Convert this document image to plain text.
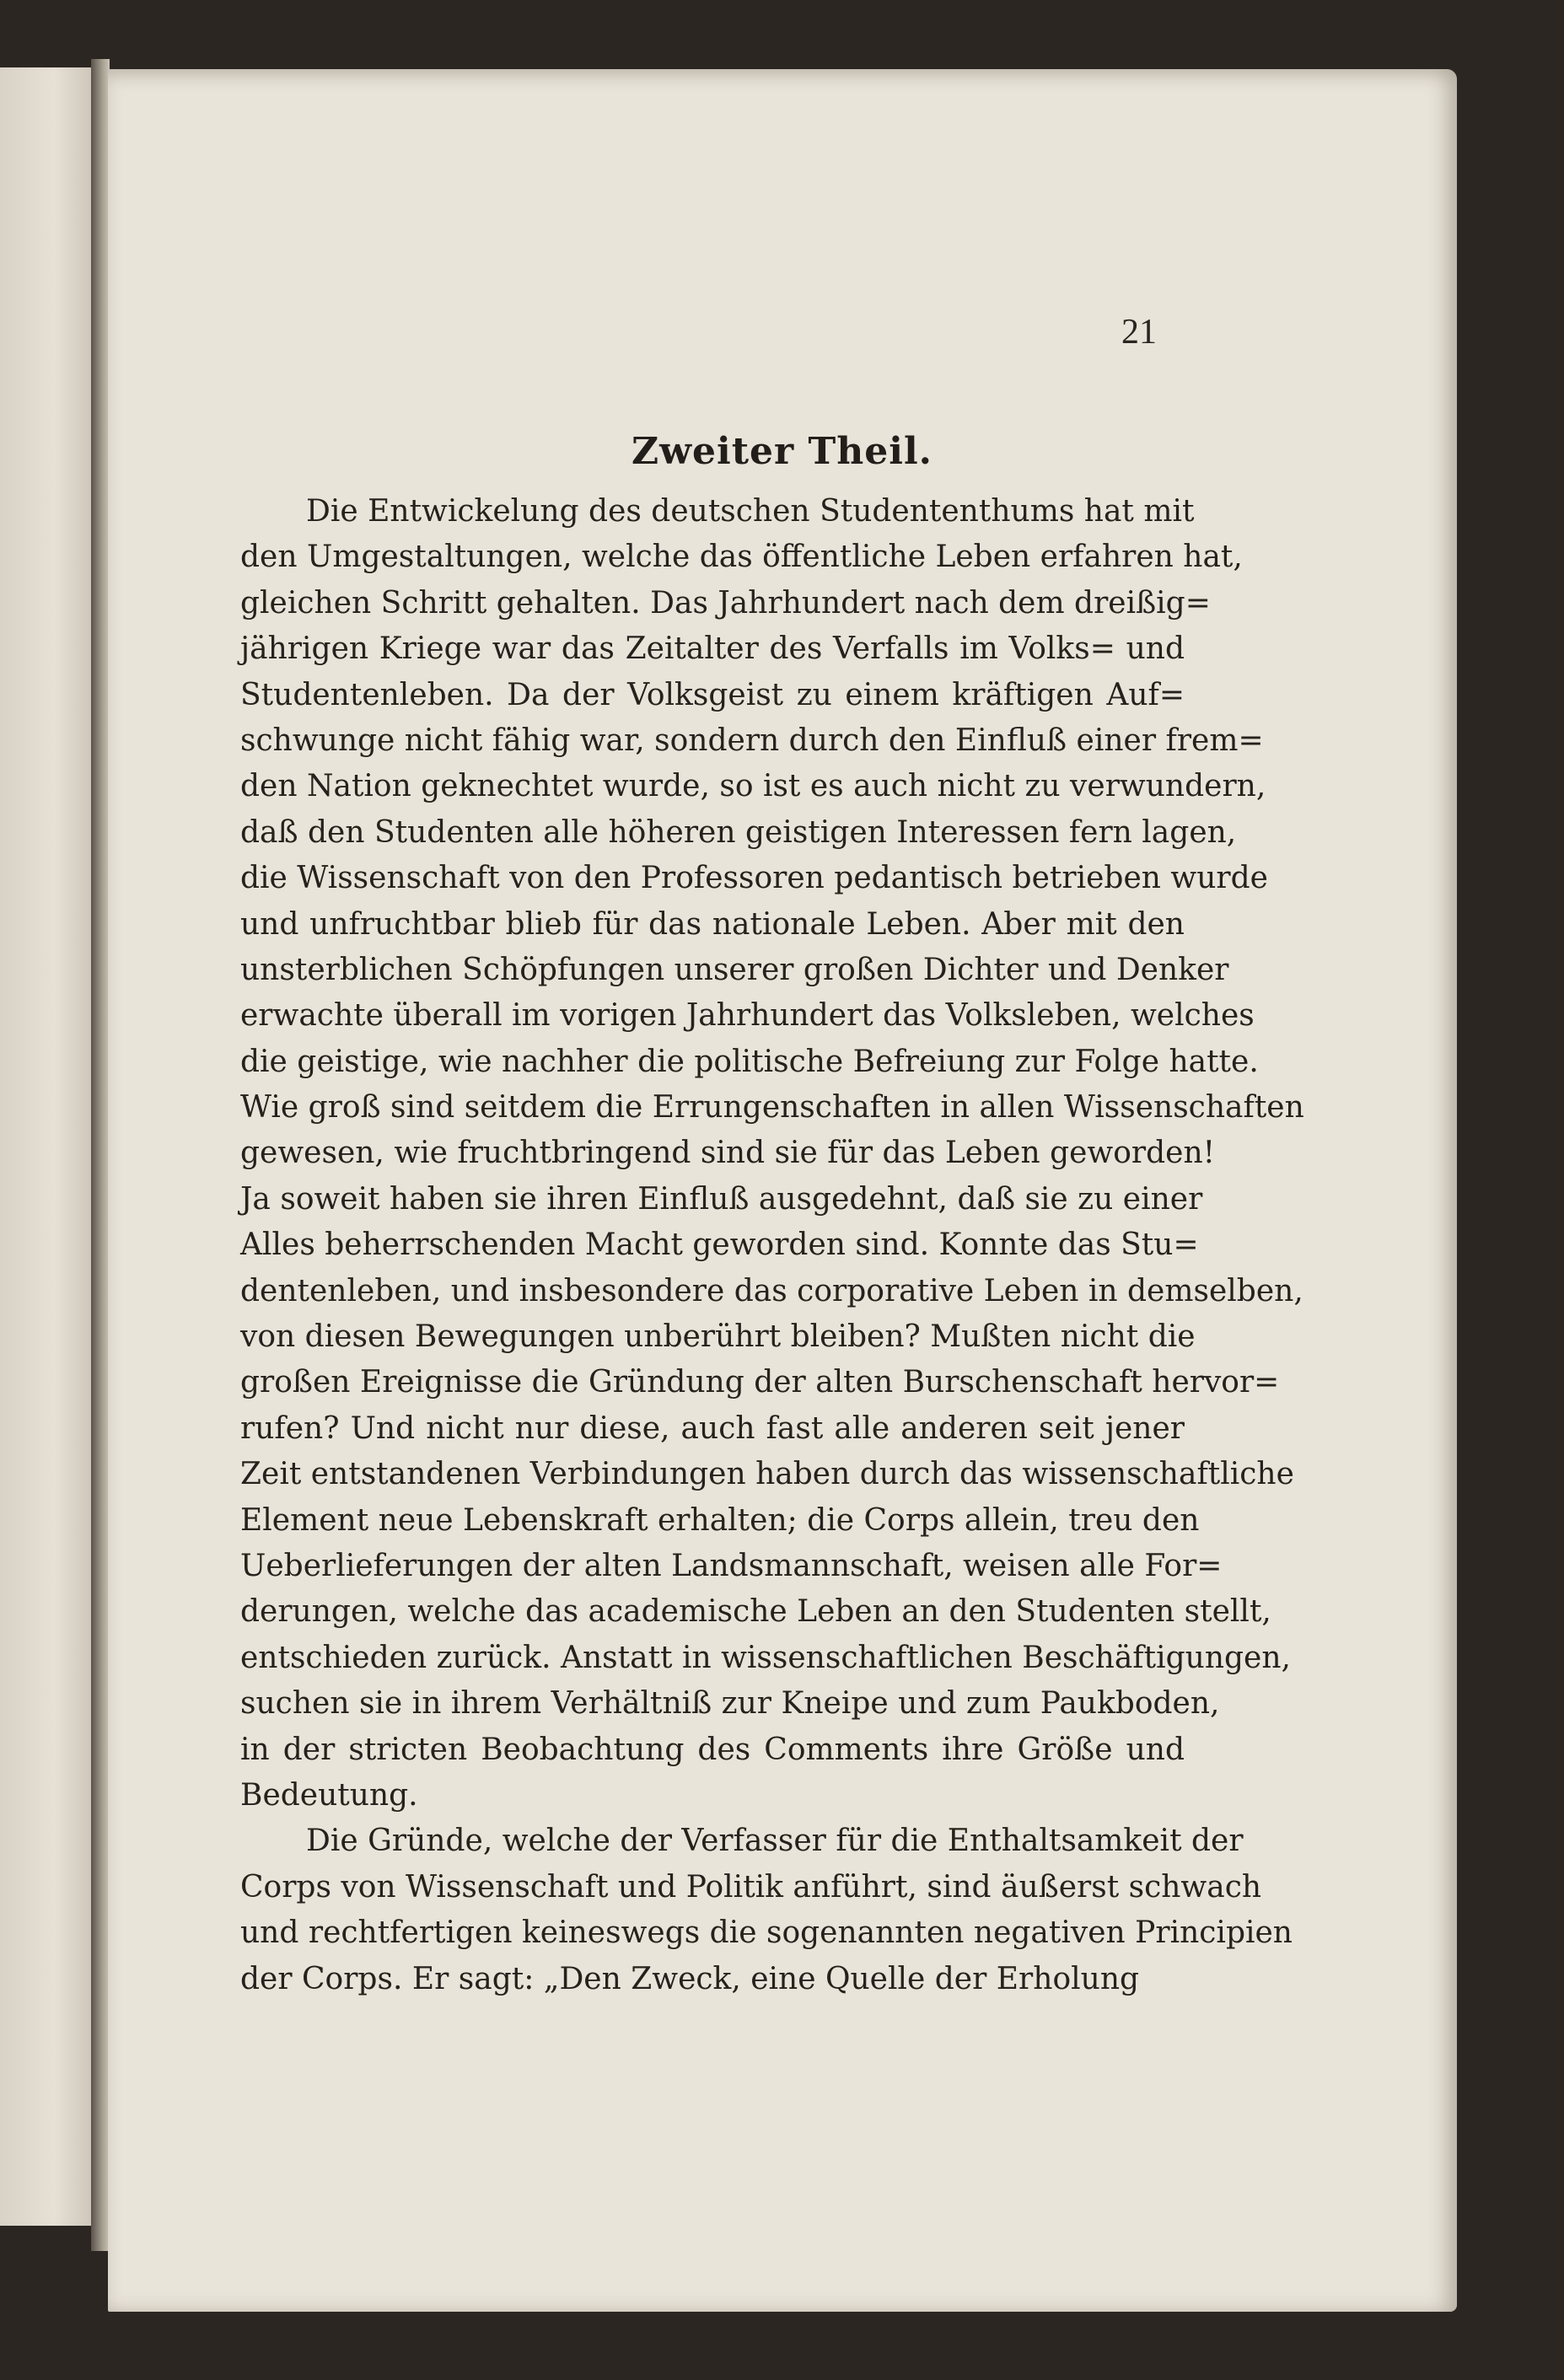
21
Zweiter Theil.
Die Entwickelung des deutschen Studententhums hat mit
den Umgestaltungen, welche das öffentliche Leben erfahren hat,
gleichen Schritt gehalten. Das Jahrhundert nach dem dreißig=
jährigen Kriege war das Zeitalter des Verfalls im Volks= und
Studentenleben. Da der Volksgeist zu einem kräftigen Auf=
schwunge nicht fähig war, sondern durch den Einfluß einer frem=
den Nation geknechtet wurde, so ist es auch nicht zu verwundern,
daß den Studenten alle höheren geistigen Interessen fern lagen,
die Wissenschaft von den Professoren pedantisch betrieben wurde
und unfruchtbar blieb für das nationale Leben. Aber mit den
unsterblichen Schöpfungen unserer großen Dichter und Denker
erwachte überall im vorigen Jahrhundert das Volksleben, welches
die geistige, wie nachher die politische Befreiung zur Folge hatte.
Wie groß sind seitdem die Errungenschaften in allen Wissenschaften
gewesen, wie fruchtbringend sind sie für das Leben geworden!
Ja soweit haben sie ihren Einfluß ausgedehnt, daß sie zu einer
Alles beherrschenden Macht geworden sind. Konnte das Stu=
dentenleben, und insbesondere das corporative Leben in demselben,
von diesen Bewegungen unberührt bleiben? Mußten nicht die
großen Ereignisse die Gründung der alten Burschenschaft hervor=
rufen? Und nicht nur diese, auch fast alle anderen seit jener
Zeit entstandenen Verbindungen haben durch das wissenschaftliche
Element neue Lebenskraft erhalten; die Corps allein, treu den
Ueberlieferungen der alten Landsmannschaft, weisen alle For=
derungen, welche das academische Leben an den Studenten stellt,
entschieden zurück. Anstatt in wissenschaftlichen Beschäftigungen,
suchen sie in ihrem Verhältniß zur Kneipe und zum Paukboden,
in der stricten Beobachtung des Comments ihre Größe und
Bedeutung.
Die Gründe, welche der Verfasser für die Enthaltsamkeit der
Corps von Wissenschaft und Politik anführt, sind äußerst schwach
und rechtfertigen keineswegs die sogenannten negativen Principien
der Corps. Er sagt: „Den Zweck, eine Quelle der Erholung
